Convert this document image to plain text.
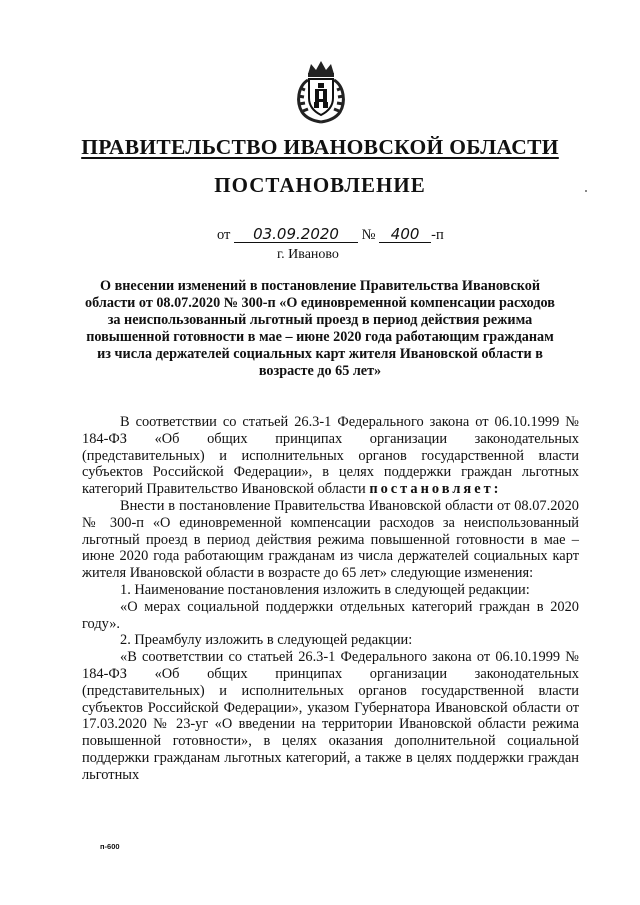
ПРАВИТЕЛЬСТВО ИВАНОВСКОЙ ОБЛАСТИ
ПОСТАНОВЛЕНИЕ
от 03.09.2020 № 400 -п
г. Иваново
О внесении изменений в постановление Правительства Ивановской области от 08.07.2020 № 300-п «О единовременной компенсации расходов за неиспользованный льготный проезд в период действия режима повышенной готовности в мае – июне 2020 года работающим гражданам из числа держателей социальных карт жителя Ивановской области в возрасте до 65 лет»

В соответствии со статьей 26.3-1 Федерального закона от 06.10.1999 № 184-ФЗ «Об общих принципах организации законодательных (представительных) и исполнительных органов государственной власти субъектов Российской Федерации», в целях поддержки граждан льготных категорий Правительство Ивановской области постановляет:

Внести в постановление Правительства Ивановской области от 08.07.2020 № 300-п «О единовременной компенсации расходов за неиспользованный льготный проезд в период действия режима повышенной готовности в мае – июне 2020 года работающим гражданам из числа держателей социальных карт жителя Ивановской области в возрасте до 65 лет» следующие изменения:

1. Наименование постановления изложить в следующей редакции:

«О мерах социальной поддержки отдельных категорий граждан в 2020 году».

2. Преамбулу изложить в следующей редакции:

«В соответствии со статьей 26.3-1 Федерального закона от 06.10.1999 № 184-ФЗ «Об общих принципах организации законодательных (представительных) и исполнительных органов государственной власти субъектов Российской Федерации», указом Губернатора Ивановской области от 17.03.2020 № 23-уг «О введении на территории Ивановской области режима повышенной готовности», в целях оказания дополнительной социальной поддержки гражданам льготных категорий, а также в целях поддержки граждан льготных

п-600
